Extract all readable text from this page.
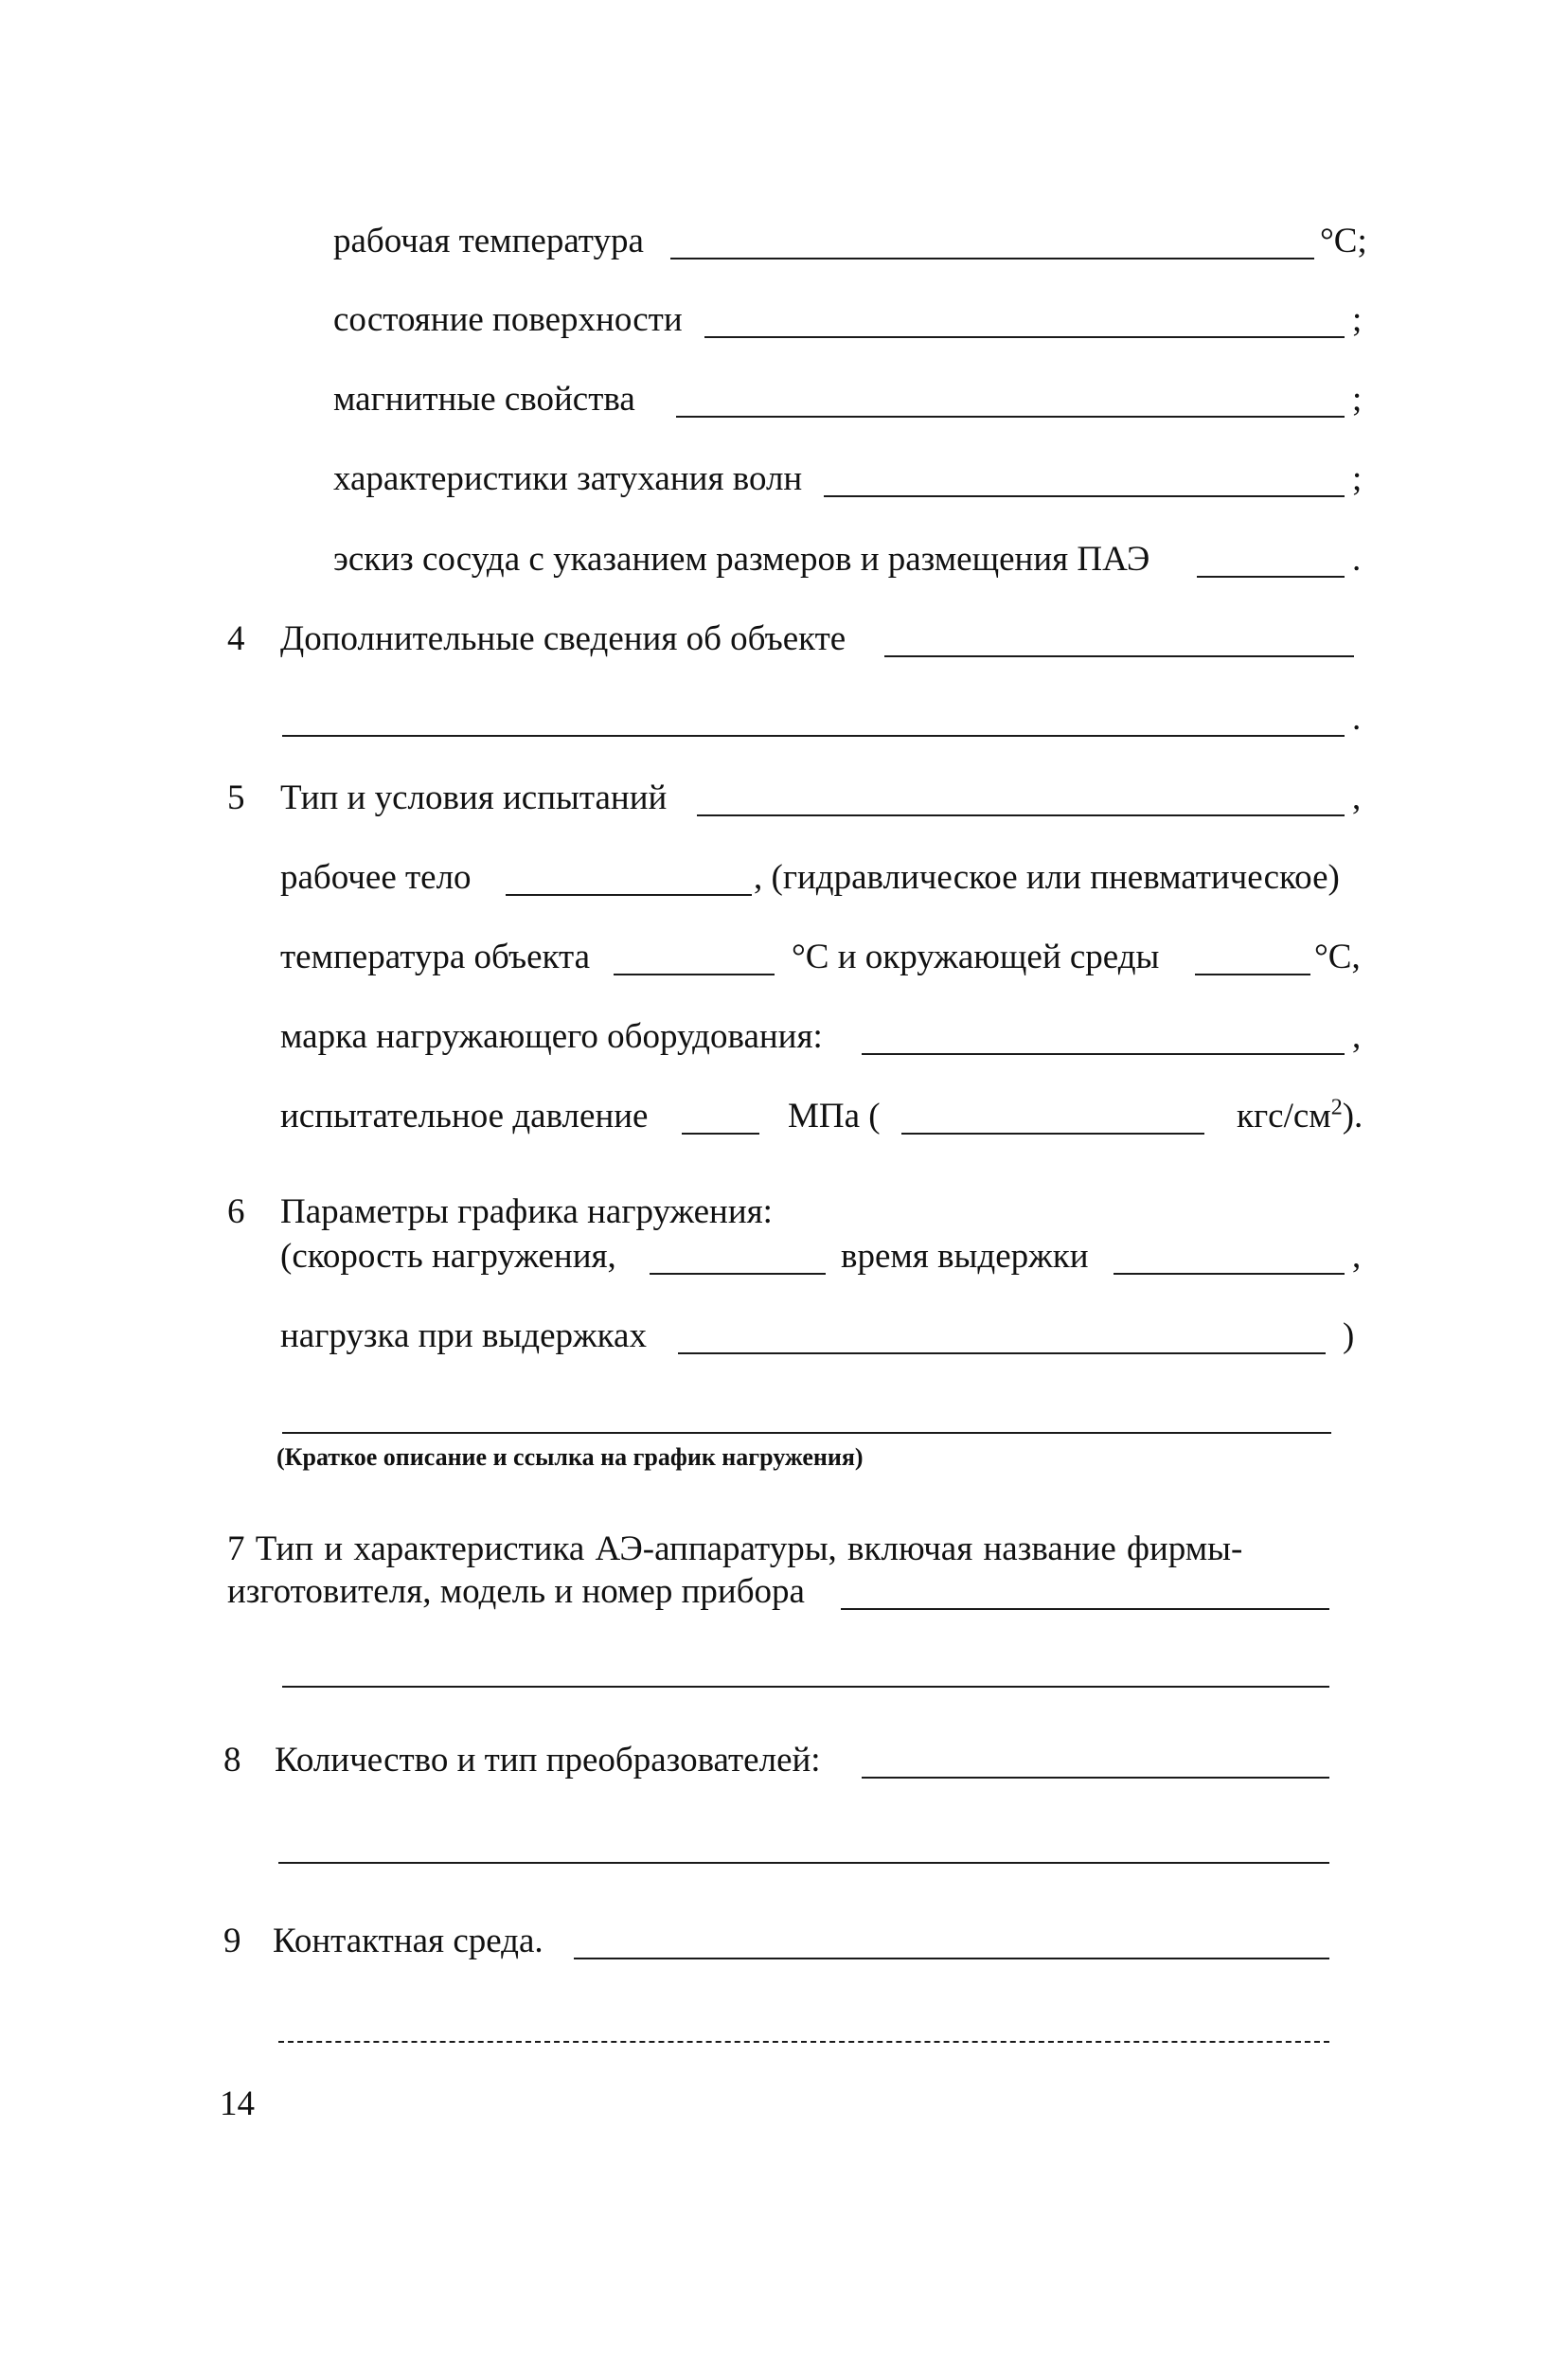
рабочая температура	°С;
состояние поверхности	;
магнитные свойства	;
характеристики затухания волн	;
эскиз сосуда с указанием размеров и размещения ПАЭ	.
4 Дополнительные сведения об объекте
.
5 Тип и условия испытаний	,
рабочее тело	, (гидравлическое или пневматическое)
температура объекта	°С и окружающей среды	°С,
марка нагружающего оборудования:	,
испытательное давление	МПа (	кгс/$см^2$).
6 Параметры графика нагружения:
(скорость нагружения,	время выдержки	,
нагрузка при выдержках	)
(Краткое описание и ссылка на график нагружения)
7 Тип и характеристика АЭ-аппаратуры, включая название фирмы-
изготовителя, модель и номер прибора
8 Количество и тип преобразователей:
9 Контактная среда.
14
